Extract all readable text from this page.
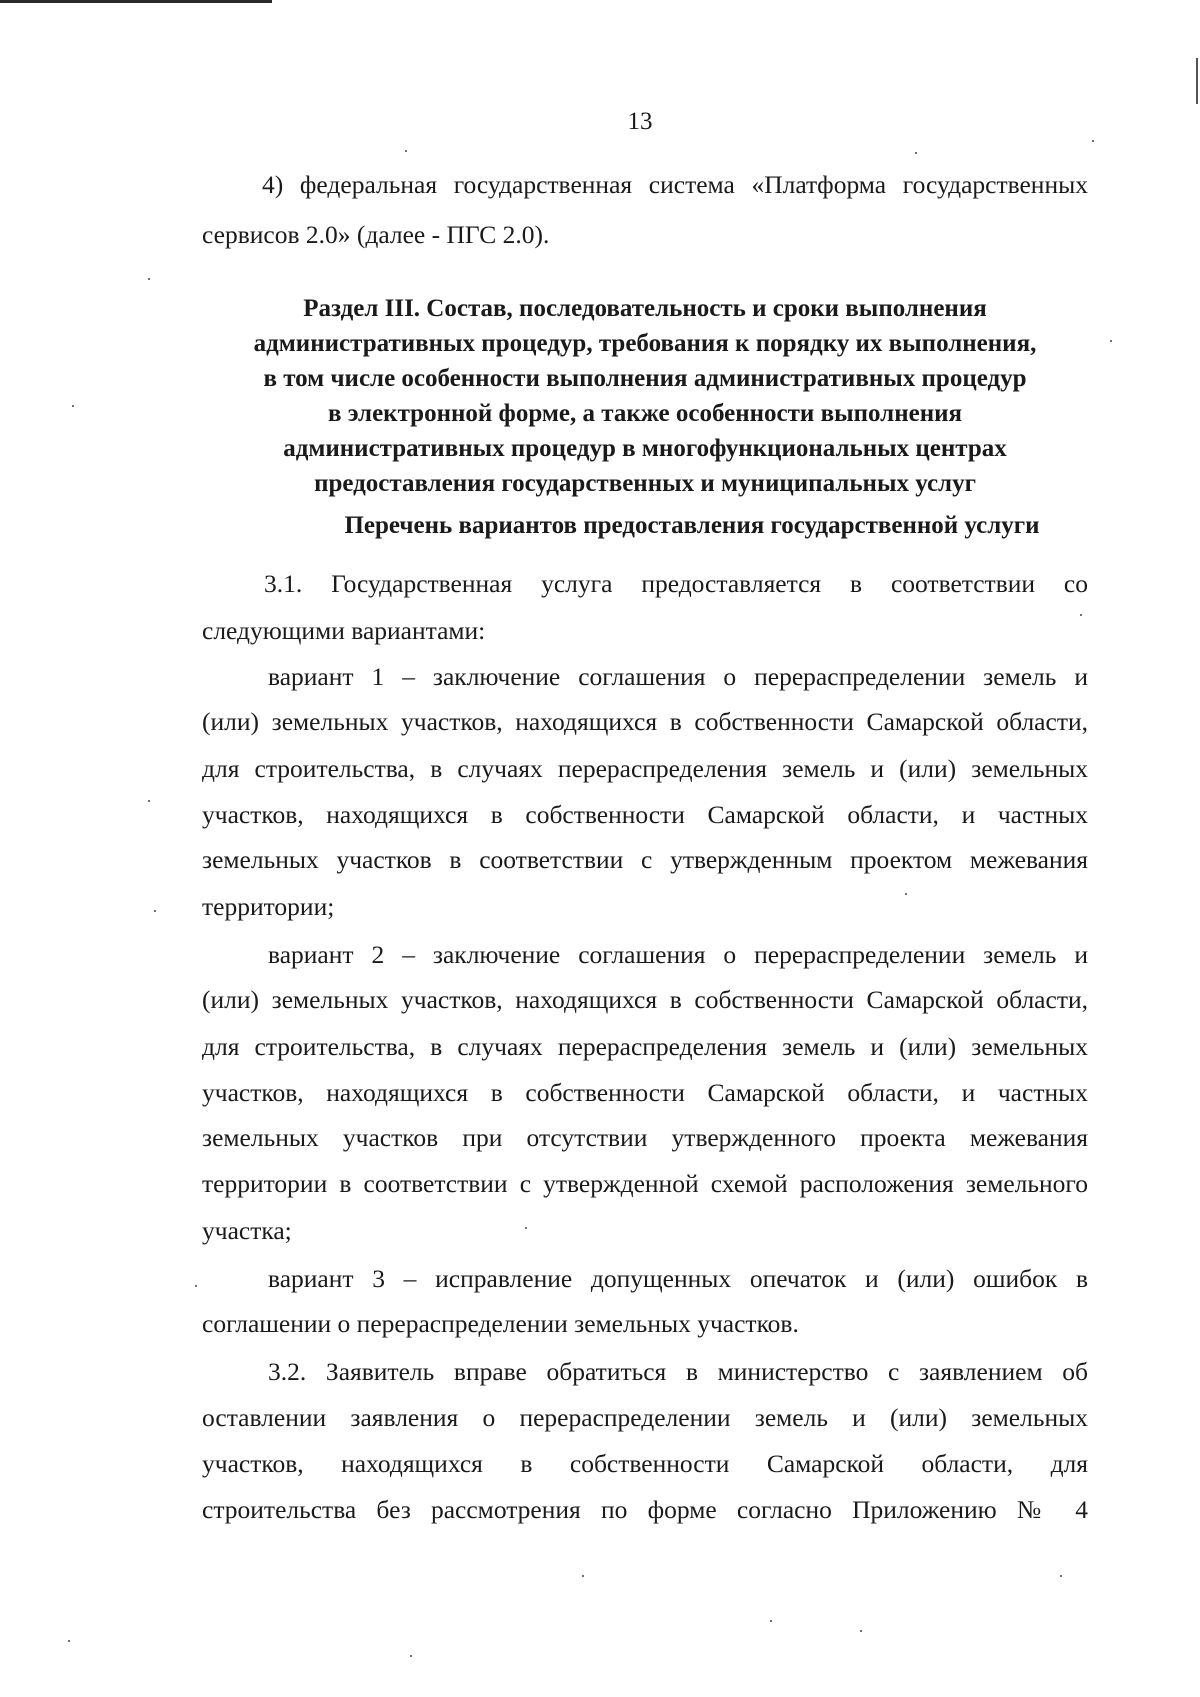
13
4) федеральная государственная система «Платформа государственных
сервисов 2.0» (далее - ПГС 2.0).
Раздел III. Состав, последовательность и сроки выполнения
административных процедур, требования к порядку их выполнения,
в том числе особенности выполнения административных процедур
в электронной форме, а также особенности выполнения
административных процедур в многофункциональных центрах
предоставления государственных и муниципальных услуг
Перечень вариантов предоставления государственной услуги
3.1. Государственная услуга предоставляется в соответствии со
следующими вариантами:
вариант 1 – заключение соглашения о перераспределении земель и
(или) земельных участков, находящихся в собственности Самарской области,
для строительства, в случаях перераспределения земель и (или) земельных
участков, находящихся в собственности Самарской области, и частных
земельных участков в соответствии с утвержденным проектом межевания
территории;
вариант 2 – заключение соглашения о перераспределении земель и
(или) земельных участков, находящихся в собственности Самарской области,
для строительства, в случаях перераспределения земель и (или) земельных
участков, находящихся в собственности Самарской области, и частных
земельных участков при отсутствии утвержденного проекта межевания
территории в соответствии с утвержденной схемой расположения земельного
участка;
вариант 3 – исправление допущенных опечаток и (или) ошибок в
соглашении о перераспределении земельных участков.
3.2. Заявитель вправе обратиться в министерство с заявлением об
оставлении заявления о перераспределении земель и (или) земельных
участков, находящихся в собственности Самарской области, для
строительства без рассмотрения по форме согласно Приложению № 4
